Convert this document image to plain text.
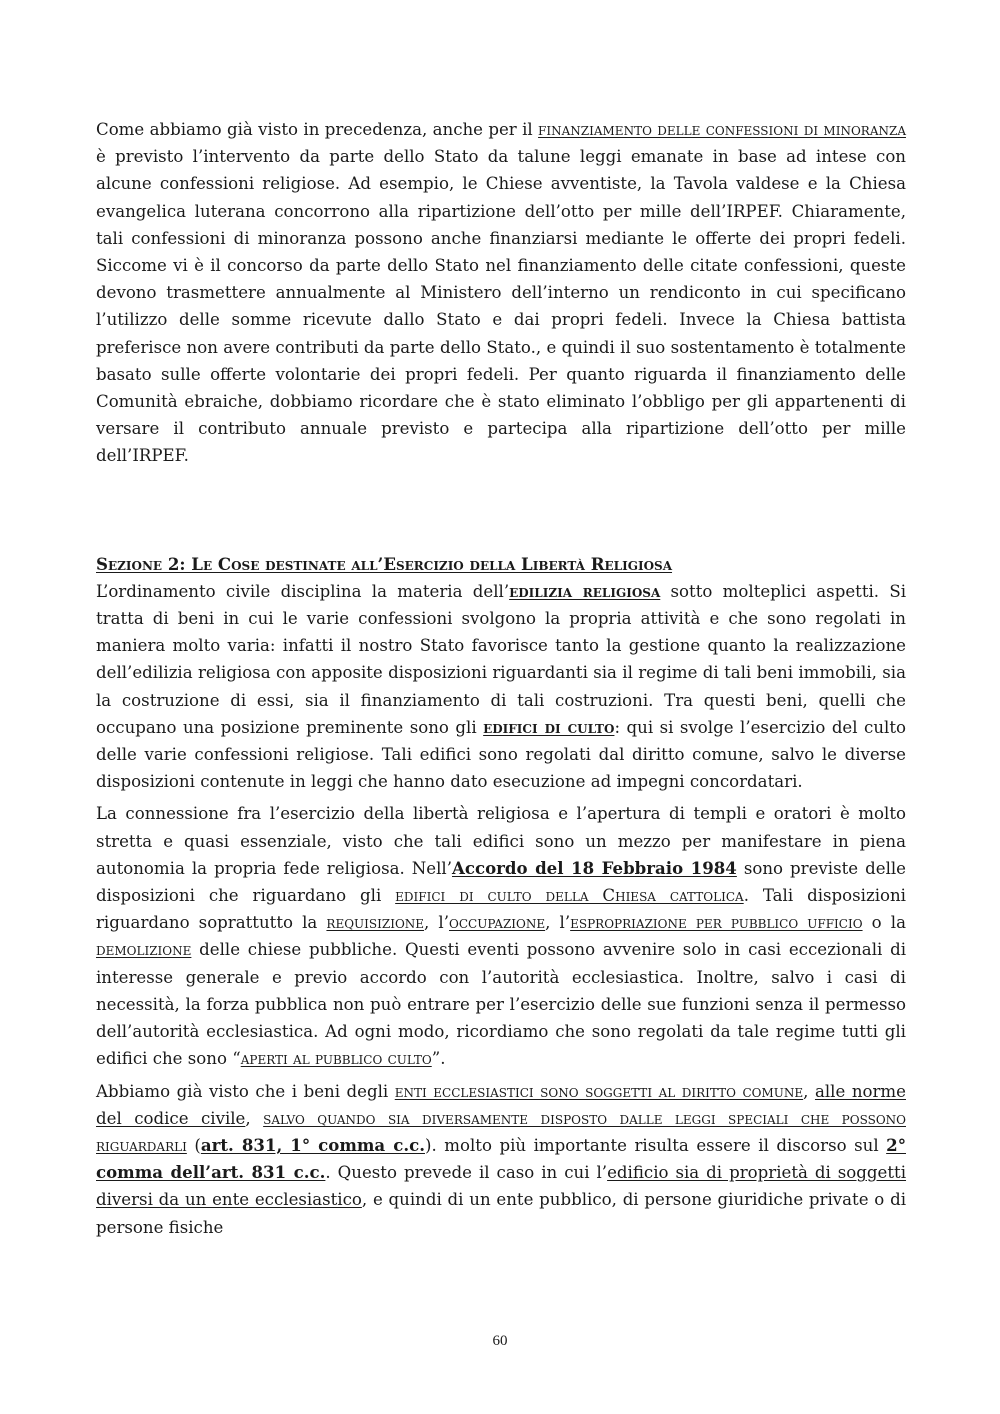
Come abbiamo già visto in precedenza, anche per il finanziamento delle confessioni di minoranza è previsto l’intervento da parte dello Stato da talune leggi emanate in base ad intese con alcune confessioni religiose. Ad esempio, le Chiese avventiste, la Tavola valdese e la Chiesa evangelica luterana concorrono alla ripartizione dell’otto per mille dell’IRPEF. Chiaramente, tali confessioni di minoranza possono anche finanziarsi mediante le offerte dei propri fedeli. Siccome vi è il concorso da parte dello Stato nel finanziamento delle citate confessioni, queste devono trasmettere annualmente al Ministero dell’interno un rendiconto in cui specificano l’utilizzo delle somme ricevute dallo Stato e dai propri fedeli. Invece la Chiesa battista preferisce non avere contributi da parte dello Stato., e quindi il suo sostentamento è totalmente basato sulle offerte volontarie dei propri fedeli. Per quanto riguarda il finanziamento delle Comunità ebraiche, dobbiamo ricordare che è stato eliminato l’obbligo per gli appartenenti di versare il contributo annuale previsto e partecipa alla ripartizione dell’otto per mille dell’IRPEF.

Sezione 2: Le Cose destinate all’Esercizio della Libertà Religiosa

L’ordinamento civile disciplina la materia dell’edilizia religiosa sotto molteplici aspetti. Si tratta di beni in cui le varie confessioni svolgono la propria attività e che sono regolati in maniera molto varia: infatti il nostro Stato favorisce tanto la gestione quanto la realizzazione dell’edilizia religiosa con apposite disposizioni riguardanti sia il regime di tali beni immobili, sia la costruzione di essi, sia il finanziamento di tali costruzioni. Tra questi beni, quelli che occupano una posizione preminente sono gli edifici di culto: qui si svolge l’esercizio del culto delle varie confessioni religiose. Tali edifici sono regolati dal diritto comune, salvo le diverse disposizioni contenute in leggi che hanno dato esecuzione ad impegni concordatari.

La connessione fra l’esercizio della libertà religiosa e l’apertura di templi e oratori è molto stretta e quasi essenziale, visto che tali edifici sono un mezzo per manifestare in piena autonomia la propria fede religiosa. Nell’Accordo del 18 Febbraio 1984 sono previste delle disposizioni che riguardano gli edifici di culto della Chiesa cattolica. Tali disposizioni riguardano soprattutto la requisizione, l’occupazione, l’espropriazione per pubblico ufficio o la demolizione delle chiese pubbliche. Questi eventi possono avvenire solo in casi eccezionali di interesse generale e previo accordo con l’autorità ecclesiastica. Inoltre, salvo i casi di necessità, la forza pubblica non può entrare per l’esercizio delle sue funzioni senza il permesso dell’autorità ecclesiastica. Ad ogni modo, ricordiamo che sono regolati da tale regime tutti gli edifici che sono “aperti al pubblico culto”.

Abbiamo già visto che i beni degli enti ecclesiastici sono soggetti al diritto comune, alle norme del codice civile, salvo quando sia diversamente disposto dalle leggi speciali che possono riguardarli (art. 831, 1° comma c.c.). molto più importante risulta essere il discorso sul 2° comma dell’art. 831 c.c.. Questo prevede il caso in cui l’edificio sia di proprietà di soggetti diversi da un ente ecclesiastico, e quindi di un ente pubblico, di persone giuridiche private o di persone fisiche

60
